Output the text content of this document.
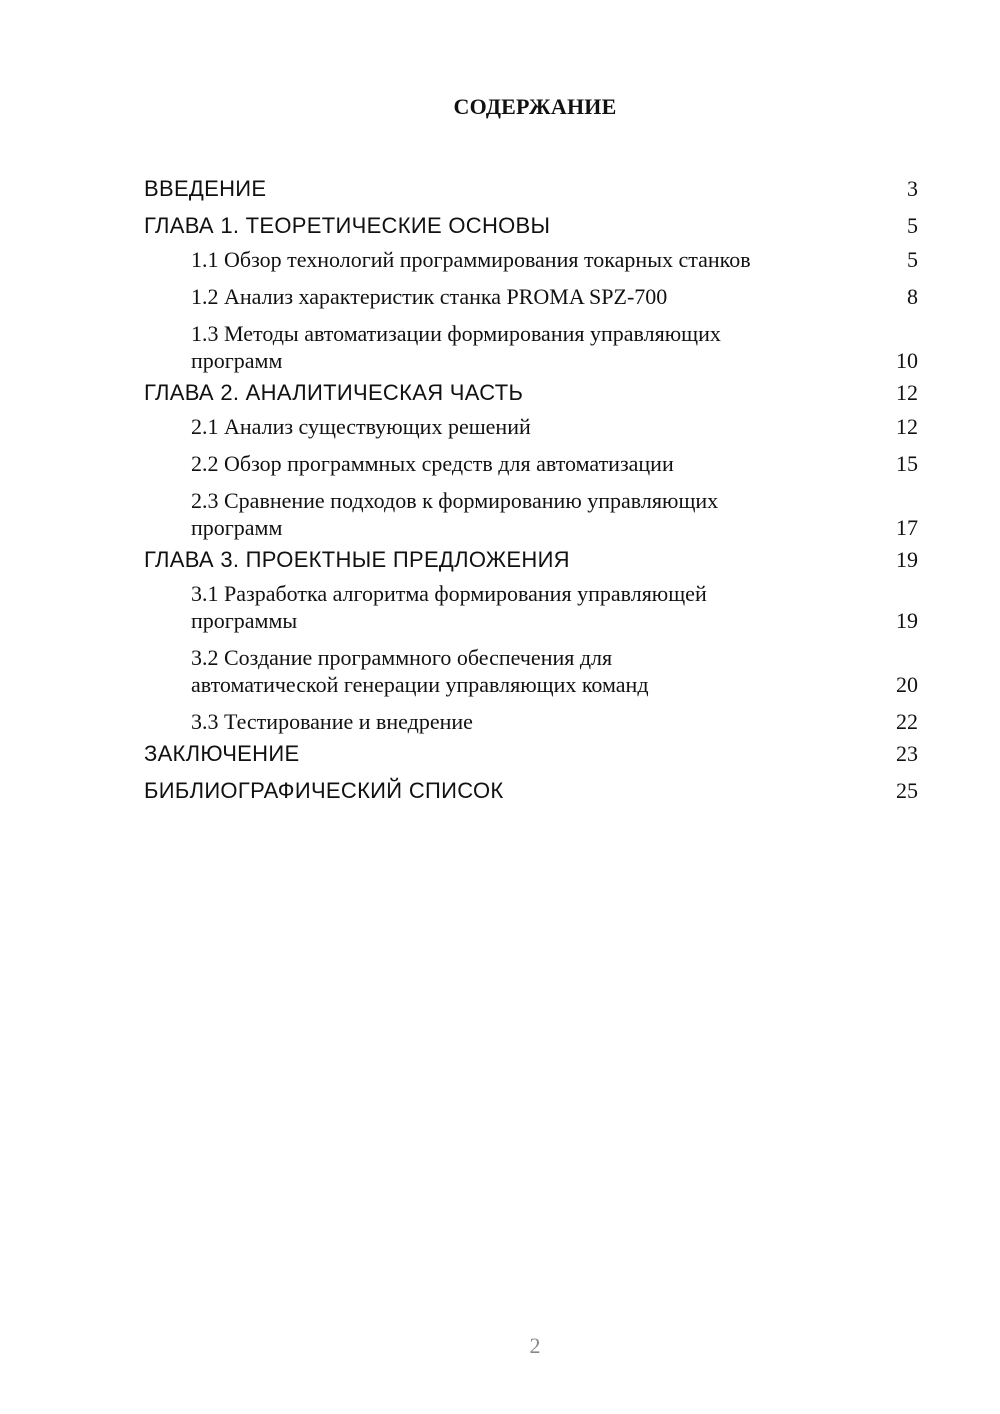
СОДЕРЖАНИЕ
ВВЕДЕНИЕ	3
ГЛАВА 1. ТЕОРЕТИЧЕСКИЕ ОСНОВЫ	5
1.1 Обзор технологий программирования токарных станков	5
1.2 Анализ характеристик станка PROMA SPZ-700	8
1.3 Методы автоматизации формирования управляющих программ	10
ГЛАВА 2. АНАЛИТИЧЕСКАЯ ЧАСТЬ	12
2.1 Анализ существующих решений	12
2.2 Обзор программных средств для автоматизации	15
2.3 Сравнение подходов к формированию управляющих программ	17
ГЛАВА 3. ПРОЕКТНЫЕ ПРЕДЛОЖЕНИЯ	19
3.1 Разработка алгоритма формирования управляющей программы	19
3.2 Создание программного обеспечения для автоматической генерации управляющих команд	20
3.3 Тестирование и внедрение	22
ЗАКЛЮЧЕНИЕ	23
БИБЛИОГРАФИЧЕСКИЙ СПИСОК	25
2
